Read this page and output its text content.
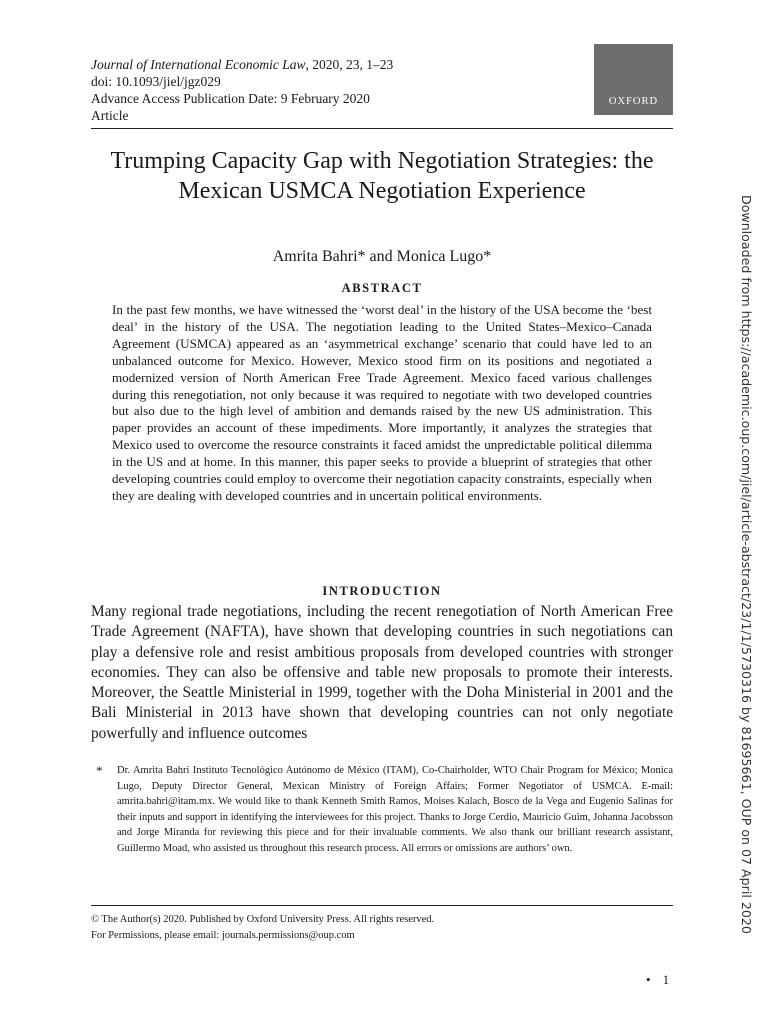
Journal of International Economic Law, 2020, 23, 1–23
doi: 10.1093/jiel/jgz029
Advance Access Publication Date: 9 February 2020
Article
OXFORD
Trumping Capacity Gap with Negotiation Strategies: the Mexican USMCA Negotiation Experience
Amrita Bahri* and Monica Lugo*
ABSTRACT

In the past few months, we have witnessed the ‘worst deal’ in the history of the USA become the ‘best deal’ in the history of the USA. The negotiation leading to the United States–Mexico–Canada Agreement (USMCA) appeared as an ‘asymmetrical exchange’ scenario that could have led to an unbalanced outcome for Mexico. However, Mexico stood firm on its positions and negotiated a modernized version of North American Free Trade Agreement. Mexico faced various challenges during this renegotiation, not only because it was required to negotiate with two developed countries but also due to the high level of ambition and demands raised by the new US administration. This paper provides an account of these impediments. More importantly, it analyzes the strategies that Mexico used to overcome the resource constraints it faced amidst the unpredictable political dilemma in the US and at home. In this manner, this paper seeks to provide a blueprint of strategies that other developing countries could employ to overcome their negotiation capacity constraints, especially when they are dealing with developed countries and in uncertain political environments.

INTRODUCTION

Many regional trade negotiations, including the recent renegotiation of North American Free Trade Agreement (NAFTA), have shown that developing countries in such negotiations can play a defensive role and resist ambitious proposals from developed countries with stronger economies. They can also be offensive and table new proposals to promote their interests. Moreover, the Seattle Ministerial in 1999, together with the Doha Ministerial in 2001 and the Bali Ministerial in 2013 have shown that developing countries can not only negotiate powerfully and influence outcomes

* Dr. Amrita Bahri Instituto Tecnológico Autónomo de México (ITAM), Co-Chairholder, WTO Chair Program for México; Monica Lugo, Deputy Director General, Mexican Ministry of Foreign Affairs; Former Negotiator of USMCA. E-mail: amrita.bahri@itam.mx. We would like to thank Kenneth Smith Ramos, Moises Kalach, Bosco de la Vega and Eugenio Salinas for their inputs and support in identifying the interviewees for this project. Thanks to Jorge Cerdio, Mauricio Guim, Johanna Jacobsson and Jorge Miranda for reviewing this piece and for their invaluable comments. We also thank our brilliant research assistant, Guillermo Moad, who assisted us throughout this research process. All errors or omissions are authors’ own.
© The Author(s) 2020. Published by Oxford University Press. All rights reserved.
For Permissions, please email: journals.permissions@oup.com
• 1
Downloaded from https://academic.oup.com/jiel/article-abstract/23/1/1/5730316 by 81695661, OUP on 07 April 2020
